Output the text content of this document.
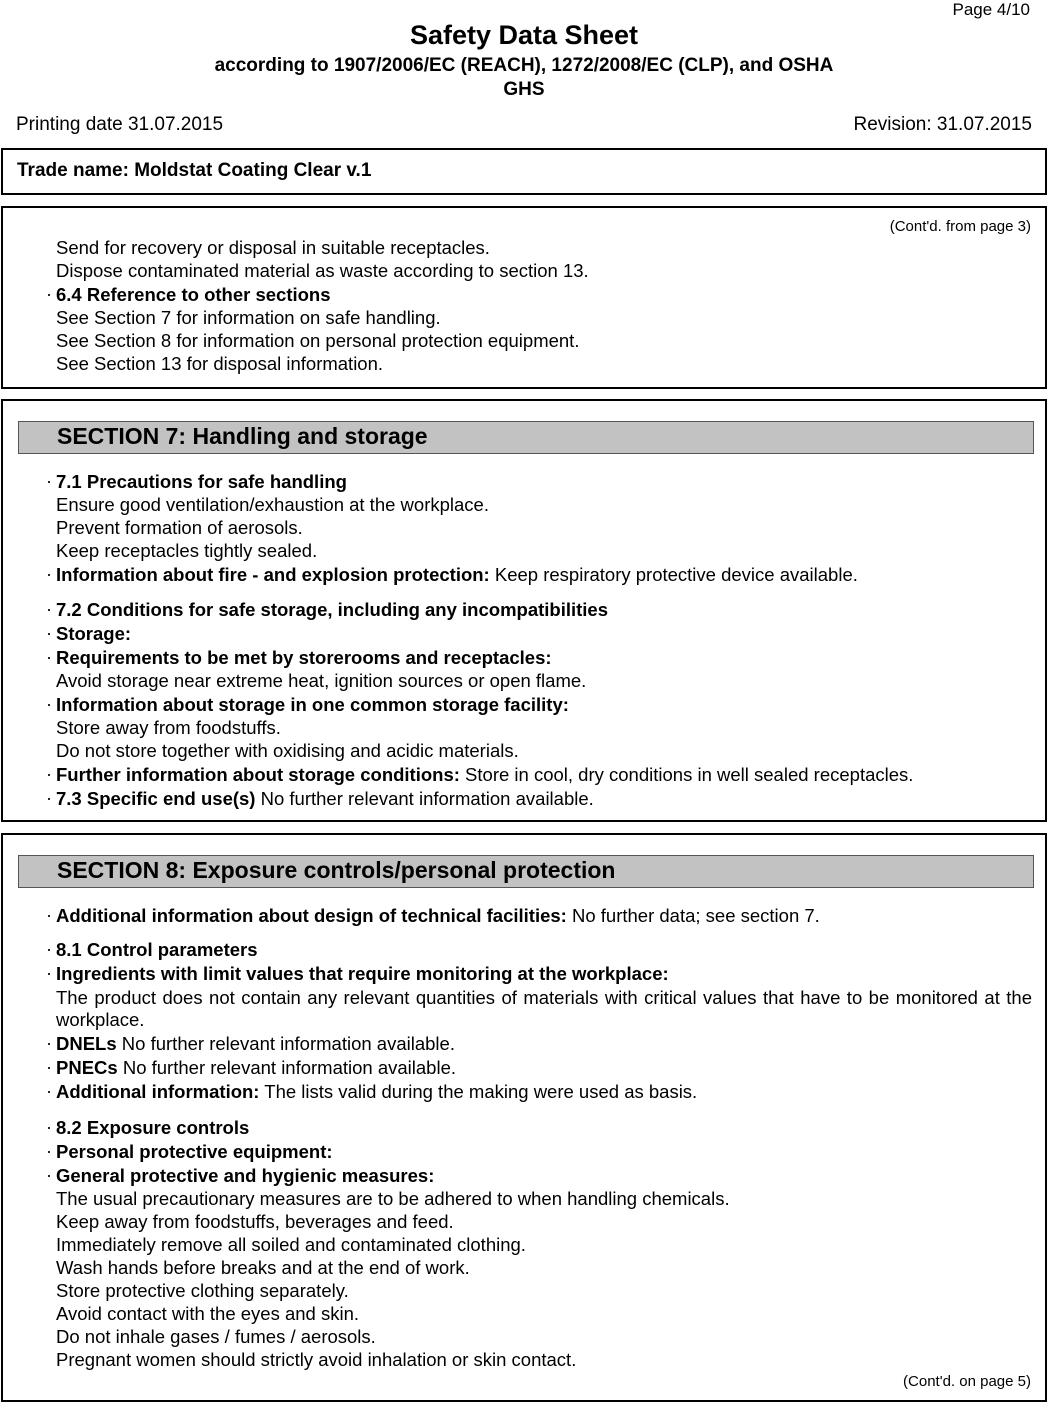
Page 4/10
Safety Data Sheet
according to 1907/2006/EC (REACH), 1272/2008/EC (CLP), and OSHA
GHS
Printing date 31.07.2015	Revision: 31.07.2015
Trade name: Moldstat Coating Clear v.1
(Cont'd. from page 3)
Send for recovery or disposal in suitable receptacles.
Dispose contaminated material as waste according to section 13.
· 6.4 Reference to other sections
See Section 7 for information on safe handling.
See Section 8 for information on personal protection equipment.
See Section 13 for disposal information.
SECTION 7: Handling and storage
· 7.1 Precautions for safe handling
Ensure good ventilation/exhaustion at the workplace.
Prevent formation of aerosols.
Keep receptacles tightly sealed.
· Information about fire - and explosion protection: Keep respiratory protective device available.
· 7.2 Conditions for safe storage, including any incompatibilities
· Storage:
· Requirements to be met by storerooms and receptacles:
Avoid storage near extreme heat, ignition sources or open flame.
· Information about storage in one common storage facility:
Store away from foodstuffs.
Do not store together with oxidising and acidic materials.
· Further information about storage conditions: Store in cool, dry conditions in well sealed receptacles.
· 7.3 Specific end use(s) No further relevant information available.
SECTION 8: Exposure controls/personal protection
· Additional information about design of technical facilities: No further data; see section 7.
· 8.1 Control parameters
· Ingredients with limit values that require monitoring at the workplace:
The product does not contain any relevant quantities of materials with critical values that have to be monitored at the workplace.
· DNELs No further relevant information available.
· PNECs No further relevant information available.
· Additional information: The lists valid during the making were used as basis.
· 8.2 Exposure controls
· Personal protective equipment:
· General protective and hygienic measures:
The usual precautionary measures are to be adhered to when handling chemicals.
Keep away from foodstuffs, beverages and feed.
Immediately remove all soiled and contaminated clothing.
Wash hands before breaks and at the end of work.
Store protective clothing separately.
Avoid contact with the eyes and skin.
Do not inhale gases / fumes / aerosols.
Pregnant women should strictly avoid inhalation or skin contact.
(Cont'd. on page 5)
